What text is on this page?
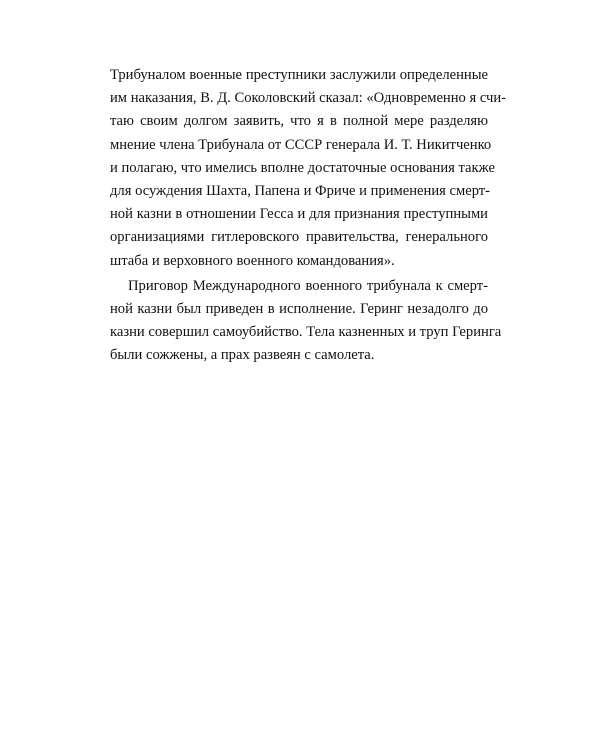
Трибуналом военные преступники заслужили определенные
им наказания, В. Д. Соколовский сказал: «Одновременно я счи-
таю своим долгом заявить, что я в полной мере разделяю
мнение члена Трибунала от СССР генерала И. Т. Никитченко
и полагаю, что имелись вполне достаточные основания также
для осуждения Шахта, Папена и Фриче и применения смерт-
ной казни в отношении Гесса и для признания преступными
организациями гитлеровского правительства, генерального
штаба и верховного военного командования».
Приговор Международного военного трибунала к смерт-
ной казни был приведен в исполнение. Геринг незадолго до
казни совершил самоубийство. Тела казненных и труп Геринга
были сожжены, а прах развеян с самолета.
